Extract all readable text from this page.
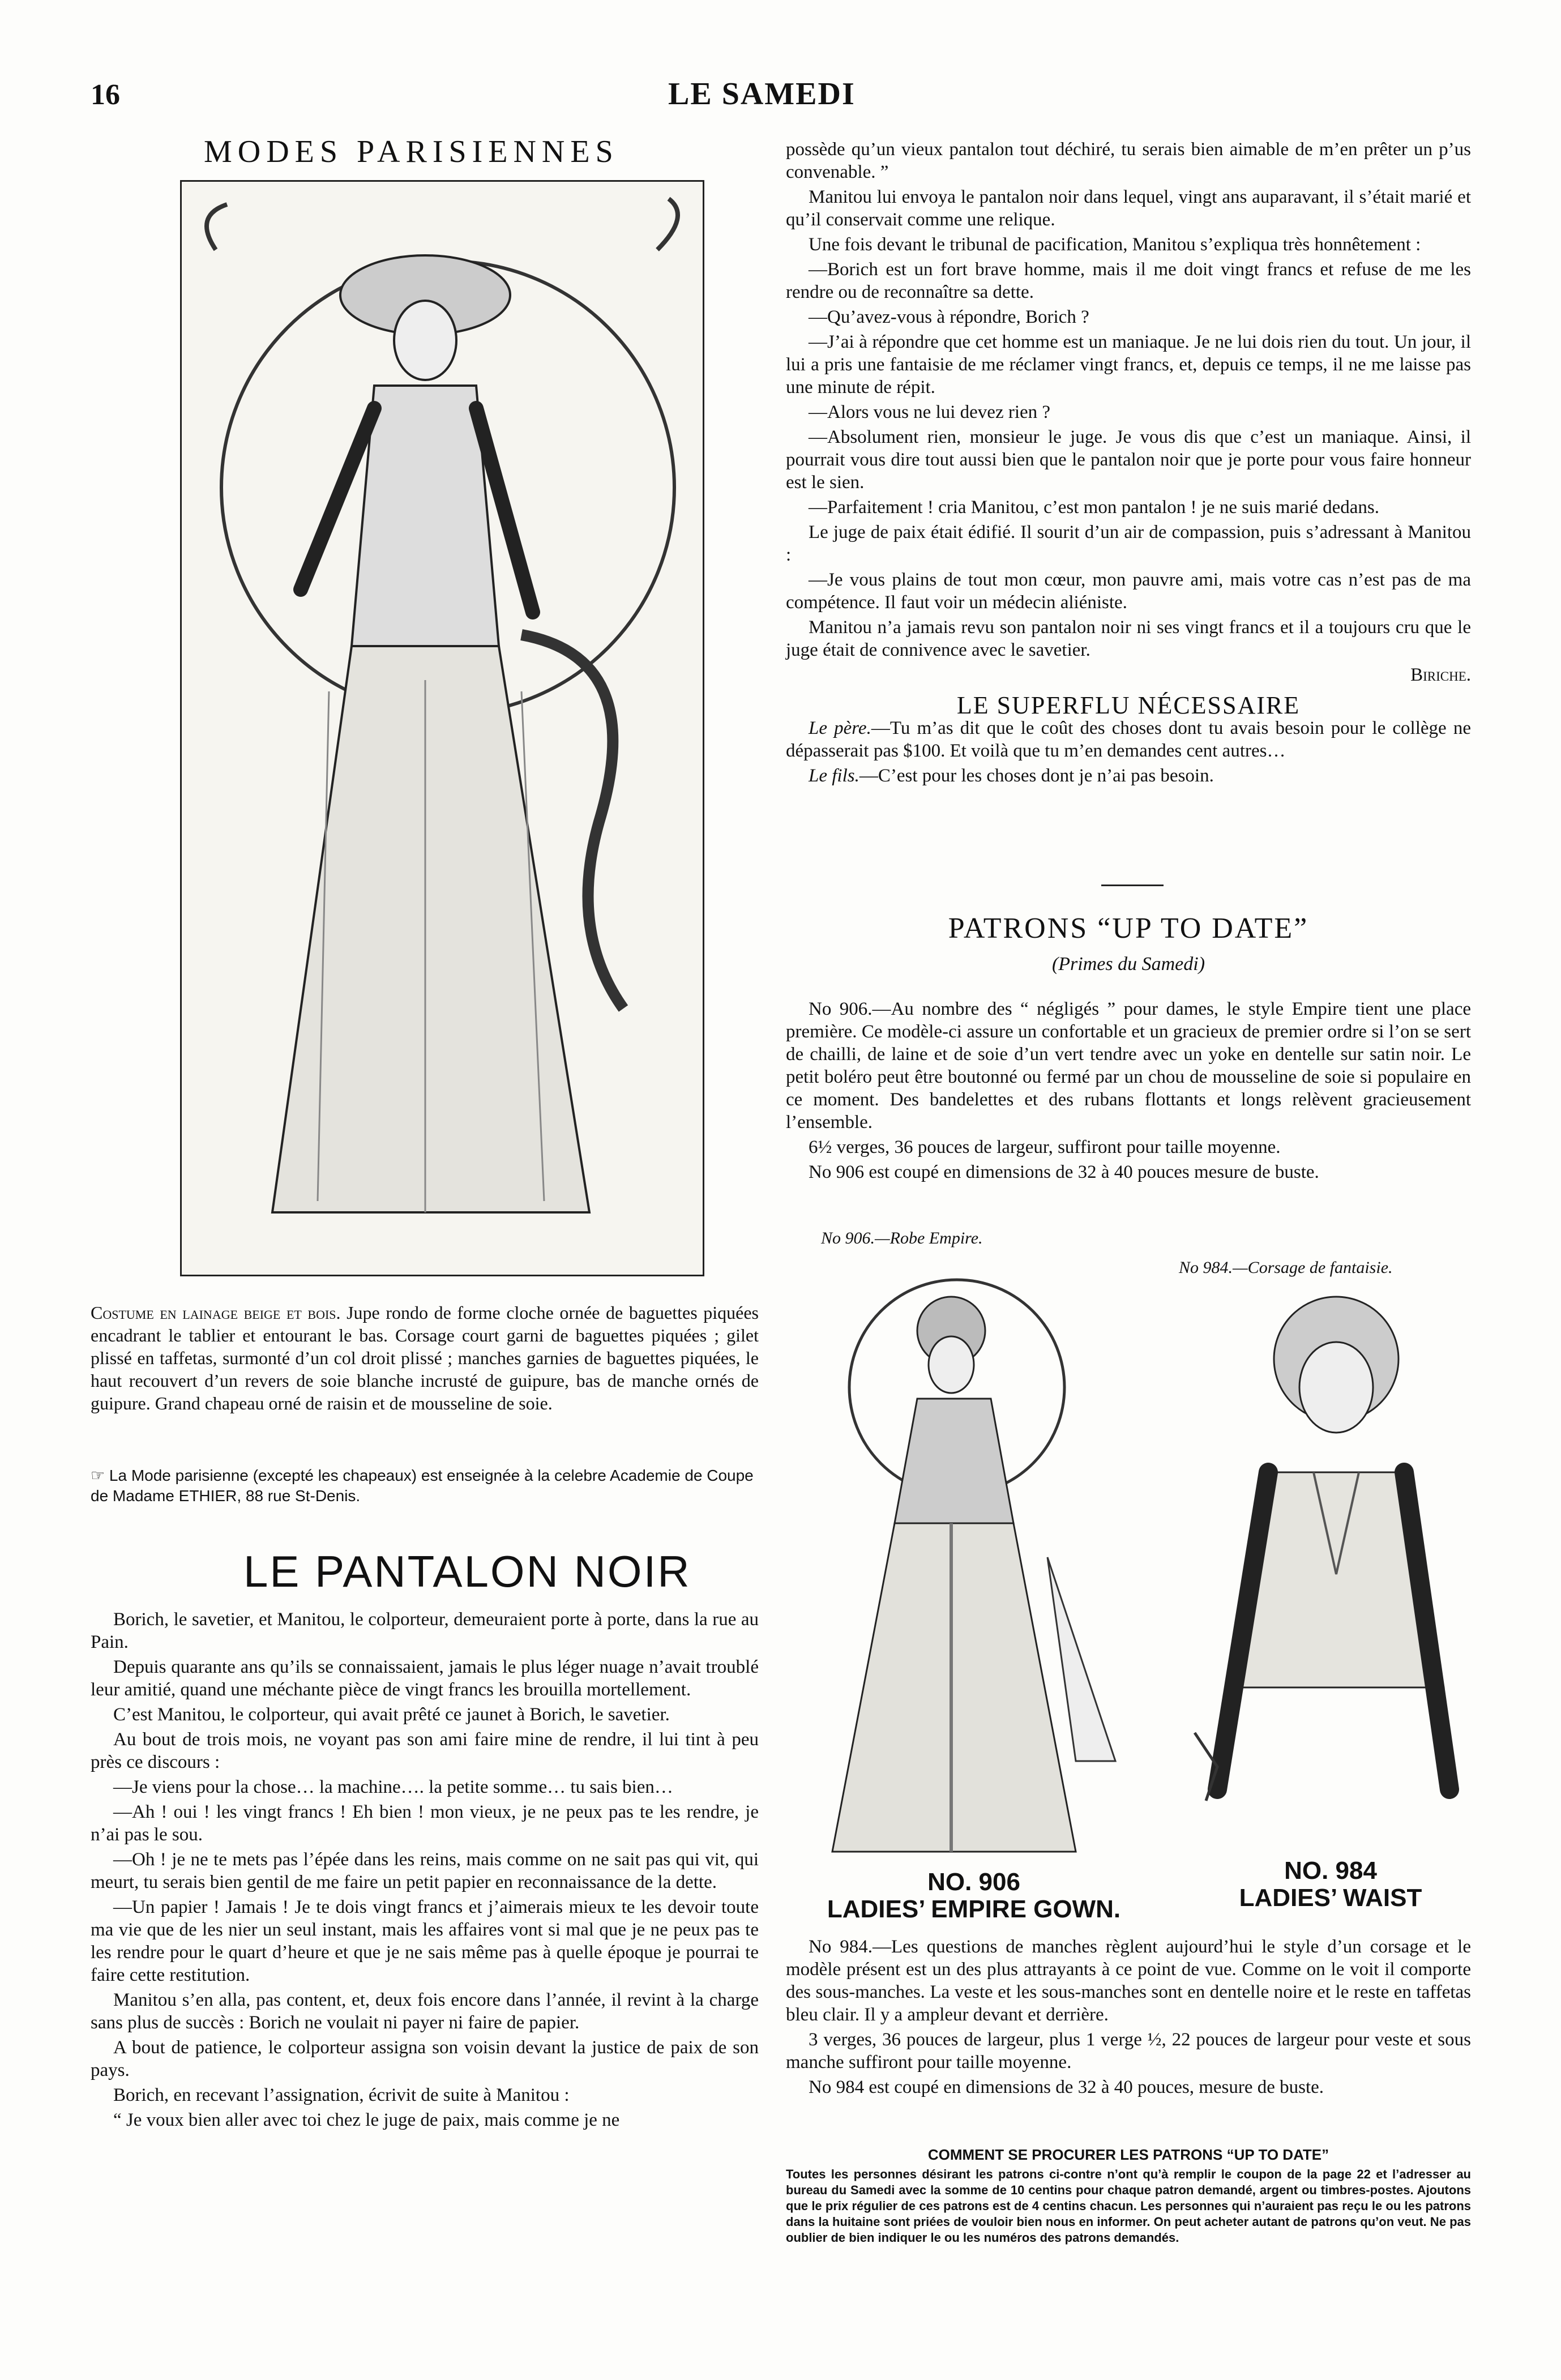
16	LE SAMEDI
MODES PARISIENNES
Costume en lainage beige et bois. Jupe rondo de forme cloche ornée de baguettes piquées encadrant le tablier et entourant le bas. Corsage court garni de baguettes piquées ; gilet plissé en taffetas, surmonté d’un col droit plissé ; manches garnies de baguettes piquées, le haut recouvert d’un revers de soie blanche incrusté de guipure, bas de manche ornés de guipure. Grand chapeau orné de raisin et de mousseline de soie.
☞ La Mode parisienne (excepté les chapeaux) est enseignée à la celebre Academie de Coupe de Madame ETHIER, 88 rue St-Denis.
LE PANTALON NOIR

Borich, le savetier, et Manitou, le colporteur, demeuraient porte à porte, dans la rue au Pain.

Depuis quarante ans qu’ils se connaissaient, jamais le plus léger nuage n’avait troublé leur amitié, quand une méchante pièce de vingt francs les brouilla mortellement.

C’est Manitou, le colporteur, qui avait prêté ce jaunet à Borich, le savetier.

Au bout de trois mois, ne voyant pas son ami faire mine de rendre, il lui tint à peu près ce discours :

—Je viens pour la chose… la machine…. la petite somme… tu sais bien…

—Ah ! oui ! les vingt francs ! Eh bien ! mon vieux, je ne peux pas te les rendre, je n’ai pas le sou.

—Oh ! je ne te mets pas l’épée dans les reins, mais comme on ne sait pas qui vit, qui meurt, tu serais bien gentil de me faire un petit papier en reconnaissance de la dette.

—Un papier ! Jamais ! Je te dois vingt francs et j’aimerais mieux te les devoir toute ma vie que de les nier un seul instant, mais les affaires vont si mal que je ne peux pas te les rendre pour le quart d’heure et que je ne sais même pas à quelle époque je pourrai te faire cette restitution.

Manitou s’en alla, pas content, et, deux fois encore dans l’année, il revint à la charge sans plus de succès : Borich ne voulait ni payer ni faire de papier.

A bout de patience, le colporteur assigna son voisin devant la justice de paix de son pays.

Borich, en recevant l’assignation, écrivit de suite à Manitou :

“ Je voux bien aller avec toi chez le juge de paix, mais comme je ne

possède qu’un vieux pantalon tout déchiré, tu serais bien aimable de m’en prêter un p’us convenable. ”

Manitou lui envoya le pantalon noir dans lequel, vingt ans auparavant, il s’était marié et qu’il conservait comme une relique.

Une fois devant le tribunal de pacification, Manitou s’expliqua très honnêtement :

—Borich est un fort brave homme, mais il me doit vingt francs et refuse de me les rendre ou de reconnaître sa dette.

—Qu’avez-vous à répondre, Borich ?

—J’ai à répondre que cet homme est un maniaque. Je ne lui dois rien du tout. Un jour, il lui a pris une fantaisie de me réclamer vingt francs, et, depuis ce temps, il ne me laisse pas une minute de répit.

—Alors vous ne lui devez rien ?

—Absolument rien, monsieur le juge. Je vous dis que c’est un maniaque. Ainsi, il pourrait vous dire tout aussi bien que le pantalon noir que je porte pour vous faire honneur est le sien.

—Parfaitement ! cria Manitou, c’est mon pantalon ! je ne suis marié dedans.

Le juge de paix était édifié. Il sourit d’un air de compassion, puis s’adressant à Manitou :

—Je vous plains de tout mon cœur, mon pauvre ami, mais votre cas n’est pas de ma compétence. Il faut voir un médecin aliéniste.

Manitou n’a jamais revu son pantalon noir ni ses vingt francs et il a toujours cru que le juge était de connivence avec le savetier.

Biriche.
LE SUPERFLU NÉCESSAIRE

Le père.—Tu m’as dit que le coût des choses dont tu avais besoin pour le collège ne dépasserait pas $100. Et voilà que tu m’en demandes cent autres…

Le fils.—C’est pour les choses dont je n’ai pas besoin.

PATRONS “UP TO DATE”
(Primes du Samedi)

No 906.—Au nombre des “ négligés ” pour dames, le style Empire tient une place première. Ce modèle-ci assure un confortable et un gracieux de premier ordre si l’on se sert de chailli, de laine et de soie d’un vert tendre avec un yoke en dentelle sur satin noir. Le petit boléro peut être boutonné ou fermé par un chou de mousseline de soie si populaire en ce moment. Des bandelettes et des rubans flottants et longs relèvent gracieusement l’ensemble.

6½ verges, 36 pouces de largeur, suffiront pour taille moyenne.

No 906 est coupé en dimensions de 32 à 40 pouces mesure de buste.

No 906.—Robe Empire.
No 984.—Corsage de fantaisie.
NO. 906
LADIES’ EMPIRE GOWN.
NO. 984
LADIES’ WAIST

No 984.—Les questions de manches règlent aujourd’hui le style d’un corsage et le modèle présent est un des plus attrayants à ce point de vue. Comme on le voit il comporte des sous-manches. La veste et les sous-manches sont en dentelle noire et le reste en taffetas bleu clair. Il y a ampleur devant et derrière.

3 verges, 36 pouces de largeur, plus 1 verge ½, 22 pouces de largeur pour veste et sous manche suffiront pour taille moyenne.

No 984 est coupé en dimensions de 32 à 40 pouces, mesure de buste.

COMMENT SE PROCURER LES PATRONS “UP TO DATE”
Toutes les personnes désirant les patrons ci-contre n’ont qu’à remplir le coupon de la page 22 et l’adresser au bureau du Samedi avec la somme de 10 centins pour chaque patron demandé, argent ou timbres-postes. Ajoutons que le prix régulier de ces patrons est de 4 centins chacun. Les personnes qui n’auraient pas reçu le ou les patrons dans la huitaine sont priées de vouloir bien nous en informer. On peut acheter autant de patrons qu’on veut. Ne pas oublier de bien indiquer le ou les numéros des patrons demandés.
